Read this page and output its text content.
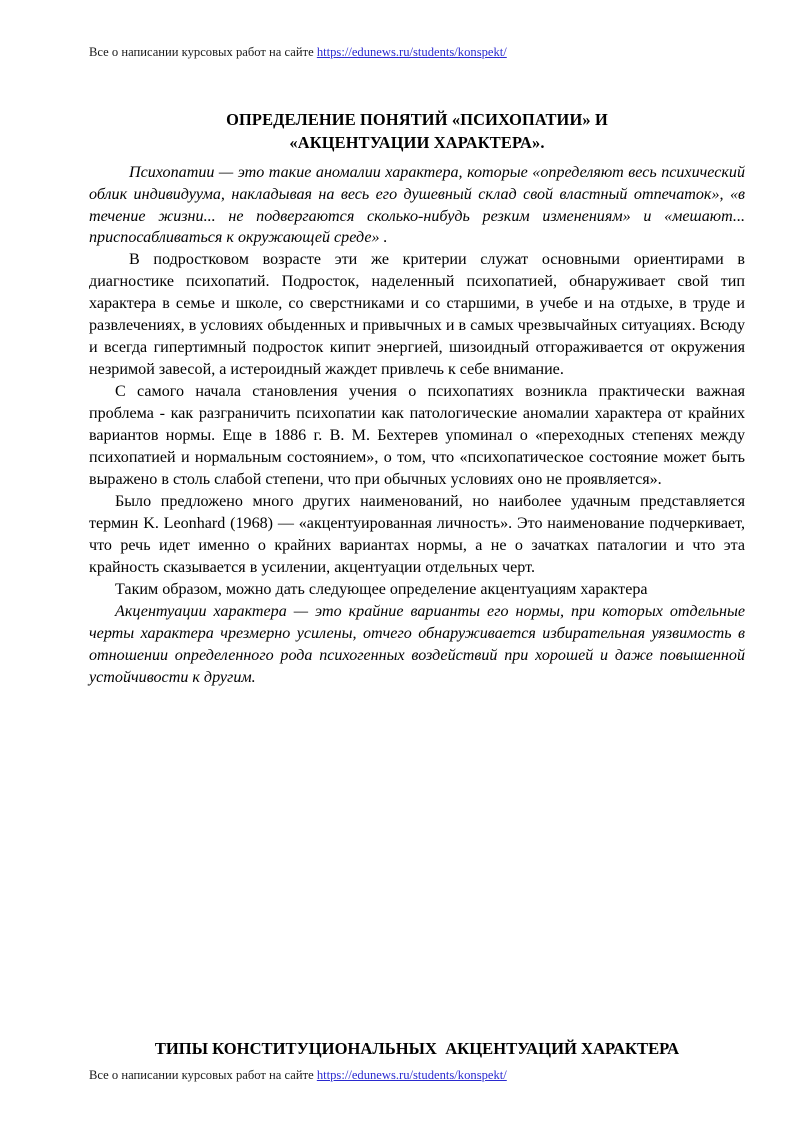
Все о написании курсовых работ на сайте https://edunews.ru/students/konspekt/
ОПРЕДЕЛЕНИЕ ПОНЯТИЙ «ПСИХОПАТИИ» И
«АКЦЕНТУАЦИИ ХАРАКТЕРА».

Психопатии — это такие аномалии характера, которые «определяют весь психический облик индивидуума, накладывая на весь его душевный склад свой властный отпечаток», «в течение жизни... не подвергаются сколько-нибудь резким изменениям» и «мешают... приспосабливаться к окружающей среде» .

В подростковом возрасте эти же критерии служат основными ориентирами в диагностике психопатий. Подросток, наделенный психопатией, обнаруживает свой тип характера в семье и школе, со сверстниками и со старшими, в учебе и на отдыхе, в труде и развлечениях, в условиях обыденных и привычных и в самых чрезвычайных ситуациях. Всюду и всегда гипертимный подросток кипит энергией, шизоидный отгораживается от окружения незримой завесой, а истероидный жаждет привлечь к себе внимание.

С самого начала становления учения о психопатиях возникла практически важная проблема - как разграничить психопатии как патологические аномалии характера от крайних вариантов нормы. Еще в 1886 г. В. М. Бехтерев упоминал о «переходных степенях между психопатией и нормальным состоянием», о том, что «психопатическое состояние может быть выражено в столь слабой степени, что при обычных условиях оно не проявляется».

Было предложено много других наименований, но наиболее удачным представляется термин K. Leonhard (1968) — «акцентуированная личность». Это наименование подчеркивает, что речь идет именно о крайних вариантах нормы, а не о зачатках паталогии и что эта крайность сказывается в усилении, акцентуации отдельных черт.

Таким образом, можно дать следующее определение акцентуациям характера

Акцентуации характера — это крайние варианты его нормы, при которых отдельные черты характера чрезмерно усилены, отчего обнаруживается избирательная уязвимость в отношении определенного рода психогенных воздействий при хорошей и даже повышенной устойчивости к другим.

ТИПЫ КОНСТИТУЦИОНАЛЬНЫХ  АКЦЕНТУАЦИЙ ХАРАКТЕРА
Все о написании курсовых работ на сайте https://edunews.ru/students/konspekt/
